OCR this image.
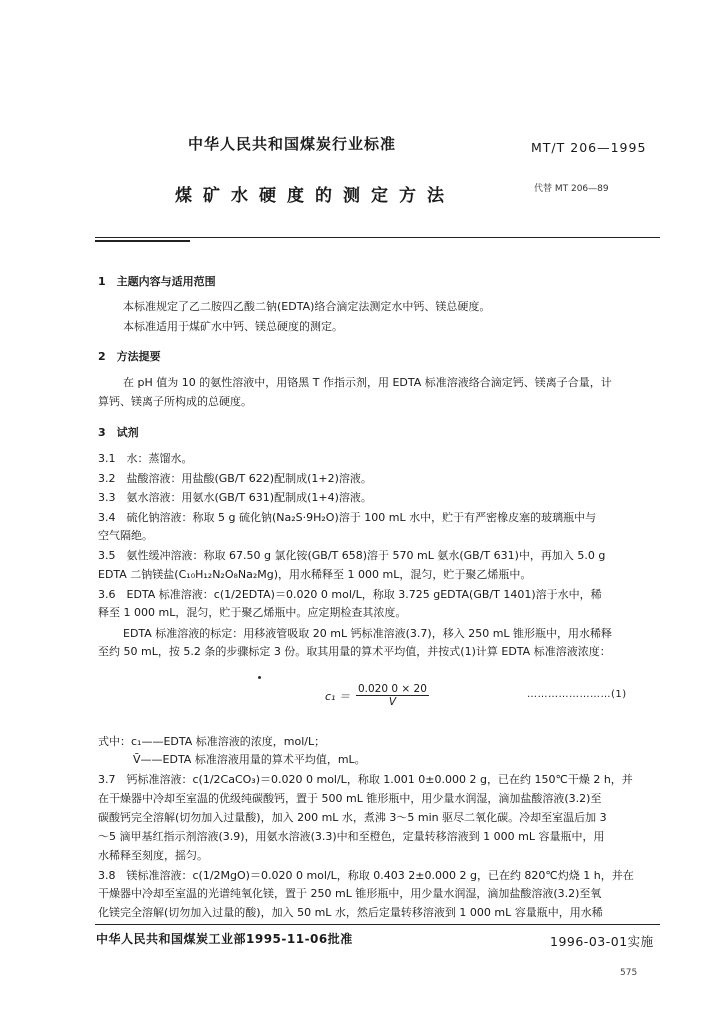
中华人民共和国煤炭行业标准	MT/T 206—1995
煤矿水硬度的测定方法	代替 MT 206—89
1　主题内容与适用范围
本标准规定了乙二胺四乙酸二钠(EDTA)络合滴定法测定水中钙、镁总硬度。
本标准适用于煤矿水中钙、镁总硬度的测定。
2　方法提要
在 pH 值为 10 的氨性溶液中，用铬黑 T 作指示剂，用 EDTA 标准溶液络合滴定钙、镁离子合量，计
算钙、镁离子所构成的总硬度。
3　试剂
3.1　水：蒸馏水。
3.2　盐酸溶液：用盐酸(GB/T 622)配制成(1+2)溶液。
3.3　氨水溶液：用氨水(GB/T 631)配制成(1+4)溶液。
3.4　硫化钠溶液：称取 5 g 硫化钠(Na₂S·9H₂O)溶于 100 mL 水中，贮于有严密橡皮塞的玻璃瓶中与
空气隔绝。
3.5　氨性缓冲溶液：称取 67.50 g 氯化铵(GB/T 658)溶于 570 mL 氨水(GB/T 631)中，再加入 5.0 g
EDTA 二钠镁盐(C₁₀H₁₂N₂O₈Na₂Mg)，用水稀释至 1 000 mL，混匀，贮于聚乙烯瓶中。
3.6　EDTA 标准溶液：c(1/2EDTA)＝0.020 0 mol/L，称取 3.725 gEDTA(GB/T 1401)溶于水中，稀
释至 1 000 mL，混匀，贮于聚乙烯瓶中。应定期检查其浓度。
EDTA 标准溶液的标定：用移液管吸取 20 mL 钙标准溶液(3.7)，移入 250 mL 锥形瓶中，用水稀释
至约 50 mL，按 5.2 条的步骤标定 3 份。取其用量的算术平均值，并按式(1)计算 EDTA 标准溶液浓度：
$c_1 = \frac{0.020 0 \times 20}{V}$	……………………(1)
式中：c₁——EDTA 标准溶液的浓度，mol/L；
V̄——EDTA 标准溶液用量的算术平均值，mL。
3.7　钙标准溶液：c(1/2CaCO₃)＝0.020 0 mol/L，称取 1.001 0±0.000 2 g，已在约 150℃干燥 2 h，并
在干燥器中冷却至室温的优级纯碳酸钙，置于 500 mL 锥形瓶中，用少量水润湿，滴加盐酸溶液(3.2)至
碳酸钙完全溶解(切勿加入过量酸)，加入 200 mL 水，煮沸 3～5 min 驱尽二氧化碳。冷却至室温后加 3
～5 滴甲基红指示剂溶液(3.9)，用氨水溶液(3.3)中和至橙色，定量转移溶液到 1 000 mL 容量瓶中，用
水稀释至刻度，摇匀。
3.8　镁标准溶液：c(1/2MgO)＝0.020 0 mol/L，称取 0.403 2±0.000 2 g，已在约 820℃灼烧 1 h，并在
干燥器中冷却至室温的光谱纯氧化镁，置于 250 mL 锥形瓶中，用少量水润湿，滴加盐酸溶液(3.2)至氧
化镁完全溶解(切勿加入过量的酸)，加入 50 mL 水，然后定量转移溶液到 1 000 mL 容量瓶中，用水稀
中华人民共和国煤炭工业部1995-11-06批准	1996-03-01实施
575
